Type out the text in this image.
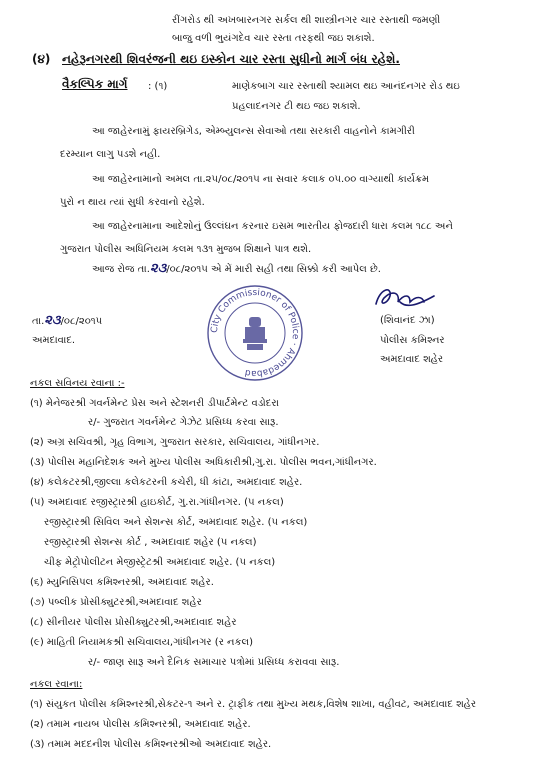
રીંગરોડ થી અખબારનગર સર્કલ થી શાસ્ત્રીનગર ચાર રસ્તાથી જમણી
બાજુ વળી ભુયંગદેવ ચાર રસ્તા તરફથી જઇ શકાશે.
(૪) નહેરૂનગરથી શિવરંજની થઇ ઇસ્કોન ચાર રસ્તા સુધીનો માર્ગ બંધ રહેશે.
વૈકલ્પિક માર્ગ : (૧)	માણેકબાગ ચાર રસ્તાથી શ્યામલ થઇ આનંદનગર રોડ થઇ
પ્રહલાદનગર ટી થઇ જઇ શકાશે.
આ જાહેરનામું ફાયરબ્રિગેડ, એમ્બ્યુલન્સ સેવાઓ તથા સરકારી વાહનોને કામગીરી
દરમ્યાન લાગુ પડશે નહી.
આ જાહેરનામાનો અમલ તા.૨૫/૦૮/૨૦૧૫ ના સવાર કલાક ૦૫.૦૦ વાગ્યાથી કાર્યક્રમ
પુરો ન થાય ત્યાં સુધી કરવાનો રહેશે.
આ જાહેરનામાના આદેશોનું ઉલ્લંઘન કરનાર ઇસમ ભારતીય ફોજદારી ધારા કલમ ૧૮૮ અને
ગુજરાત પોલીસ અધિનિયમ કલમ ૧૩૧ મુજબ શિક્ષાને પાત્ર થશે.
આજ રોજ તા.૨૩/૦૮/૨૦૧૫ એ મેં મારી સહી તથા સિક્કો કરી આપેલ છે.
City Commissioner of Police · Ahmedabad
(શિવાનંદ ઝા)
પોલીસ કમિશ્નર
અમદાવાદ શહેર
તા.૨૩/૦૮/૨૦૧૫
અમદાવાદ.
નકલ સવિનય રવાના :-
(૧) મેનેજરશ્રી ગવર્નમેન્ટ પ્રેસ અને સ્ટેશનરી ડીપાર્ટમેન્ટ વડોદરા
ર/- ગુજરાત ગવર્નમેન્ટ ગેઝેટ પ્રસિધ્ધ કરવા સારૂ.
(૨) અગ્ર સચિવશ્રી, ગૃહ વિભાગ, ગુજરાત સરકાર, સચિવાલય, ગાંધીનગર.
(૩) પોલીસ મહાનિદેશક અને મુખ્ય પોલીસ અધિકારીશ્રી,ગુ.રા. પોલીસ ભવન,ગાંધીનગર.
(૪) કલેકટરશ્રી,જીલ્લા કલેકટરની કચેરી, ધી કાંટા, અમદાવાદ શહેર.
(૫) અમદાવાદ રજીસ્ટ્રારશ્રી હાઇકોર્ટ, ગુ.રા.ગાંધીનગર. (૫ નકલ)
રજીસ્ટ્રારશ્રી સિવિલ અને સેશન્સ કોર્ટ, અમદાવાદ શહેર. (૫ નકલ)
રજીસ્ટ્રારશ્રી સેશન્સ કોર્ટ , અમદાવાદ શહેર (૫ નકલ)
ચીફ મેટ્રોપોલીટન મેજીસ્ટ્રેટશ્રી અમદાવાદ શહેર. (૫ નકલ)
(૬) મ્યુનિસિપલ કમિશ્નરશ્રી, અમદાવાદ શહેર.
(૭) પબ્લીક પ્રોસીક્યુટરશ્રી,અમદાવાદ શહેર
(૮) સીનીયર પોલીસ પ્રોસીક્યુટરશ્રી,અમદાવાદ શહેર
(૯) માહિતી નિયામકશ્રી સચિવાલય,ગાંધીનગર (ર નકલ)
ર/- જાણ સારૂ અને દૈનિક સમાચાર પત્રોમાં પ્રસિધ્ધ કરાવવા સારૂ.
નકલ રવાના:
(૧) સંયુકત પોલીસ કમિશ્નરશ્રી,સેકટર-૧ અને ર. ટ્રાફીક તથા મુખ્ય મથક,વિશેષ શાખા, વહીવટ, અમદાવાદ શહેર
(૨) તમામ નાયબ પોલીસ કમિશ્નરશ્રી, અમદાવાદ શહેર.
(૩) તમામ મદદનીશ પોલીસ કમિશ્નરશ્રીઓ અમદાવાદ શહેર.
